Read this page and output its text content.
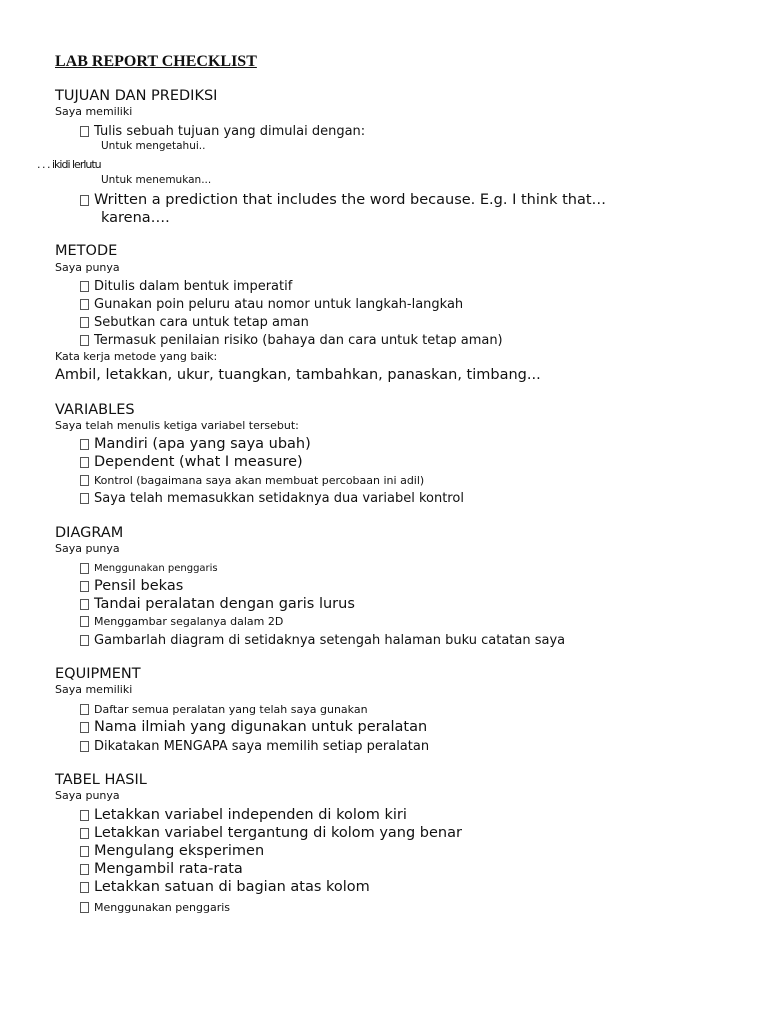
LAB REPORT CHECKLIST
TUJUAN DAN PREDIKSI
Saya memiliki
Tulis sebuah tujuan yang dimulai dengan:
Untuk mengetahui..
. . . ikidi lerlutu
Untuk menemukan...
Written a prediction that includes the word because. E.g. I think that…
karena….
METODE
Saya punya
Ditulis dalam bentuk imperatif
Gunakan poin peluru atau nomor untuk langkah-langkah
Sebutkan cara untuk tetap aman
Termasuk penilaian risiko (bahaya dan cara untuk tetap aman)
Kata kerja metode yang baik:
Ambil, letakkan, ukur, tuangkan, tambahkan, panaskan, timbang...
VARIABLES
Saya telah menulis ketiga variabel tersebut:
Mandiri (apa yang saya ubah)
Dependent (what I measure)
Kontrol (bagaimana saya akan membuat percobaan ini adil)
Saya telah memasukkan setidaknya dua variabel kontrol
DIAGRAM
Saya punya
Menggunakan penggaris
Pensil bekas
Tandai peralatan dengan garis lurus
Menggambar segalanya dalam 2D
Gambarlah diagram di setidaknya setengah halaman buku catatan saya
EQUIPMENT
Saya memiliki
Daftar semua peralatan yang telah saya gunakan
Nama ilmiah yang digunakan untuk peralatan
Dikatakan MENGAPA saya memilih setiap peralatan
TABEL HASIL
Saya punya
Letakkan variabel independen di kolom kiri
Letakkan variabel tergantung di kolom yang benar
Mengulang eksperimen
Mengambil rata-rata
Letakkan satuan di bagian atas kolom
Menggunakan penggaris
